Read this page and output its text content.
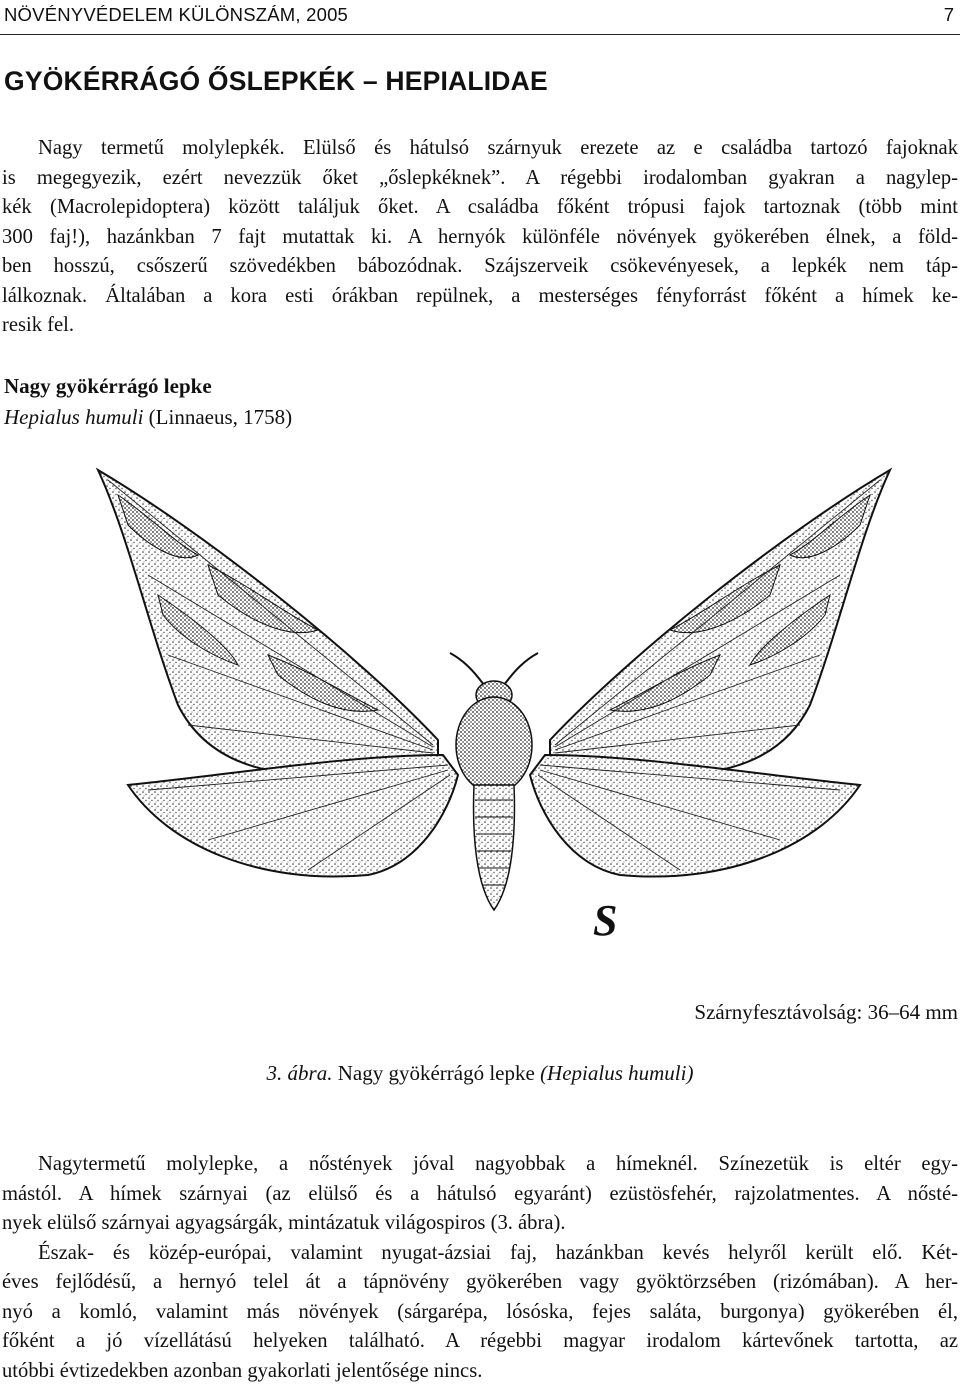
NÖVÉNYVÉDELEM KÜLÖNSZÁM, 2005	7
GYÖKÉRRÁGÓ ŐSLEPKÉK – HEPIALIDAE
Nagy termetű molylepkék. Elülső és hátulsó szárnyuk erezete az e családba tartozó fajoknak
is megegyezik, ezért nevezzük őket „őslepkéknek”. A régebbi irodalomban gyakran a nagylep-
kék (Macrolepidoptera) között találjuk őket. A családba főként trópusi fajok tartoznak (több mint
300 faj!), hazánkban 7 fajt mutattak ki. A hernyók különféle növények gyökerében élnek, a föld-
ben hosszú, csőszerű szövedékben bábozódnak. Szájszerveik csökevényesek, a lepkék nem táp-
lálkoznak. Általában a kora esti órákban repülnek, a mesterséges fényforrást főként a hímek ke-
resik fel.
Nagy gyökérrágó lepke
Hepialus humuli (Linnaeus, 1758)
S
Szárnyfesztávolság: 36–64 mm
3. ábra. Nagy gyökérrágó lepke (Hepialus humuli)
Nagytermetű molylepke, a nőstények jóval nagyobbak a hímeknél. Színezetük is eltér egy-
mástól. A hímek szárnyai (az elülső és a hátulsó egyaránt) ezüstösfehér, rajzolatmentes. A nősté-
nyek elülső szárnyai agyagsárgák, mintázatuk világospiros (3. ábra).
Észak- és közép-európai, valamint nyugat-ázsiai faj, hazánkban kevés helyről került elő. Két-
éves fejlődésű, a hernyó telel át a tápnövény gyökerében vagy gyöktörzsében (rizómában). A her-
nyó a komló, valamint más növények (sárgarépa, lósóska, fejes saláta, burgonya) gyökerében él,
főként a jó vízellátású helyeken található. A régebbi magyar irodalom kártevőnek tartotta, az
utóbbi évtizedekben azonban gyakorlati jelentősége nincs.
